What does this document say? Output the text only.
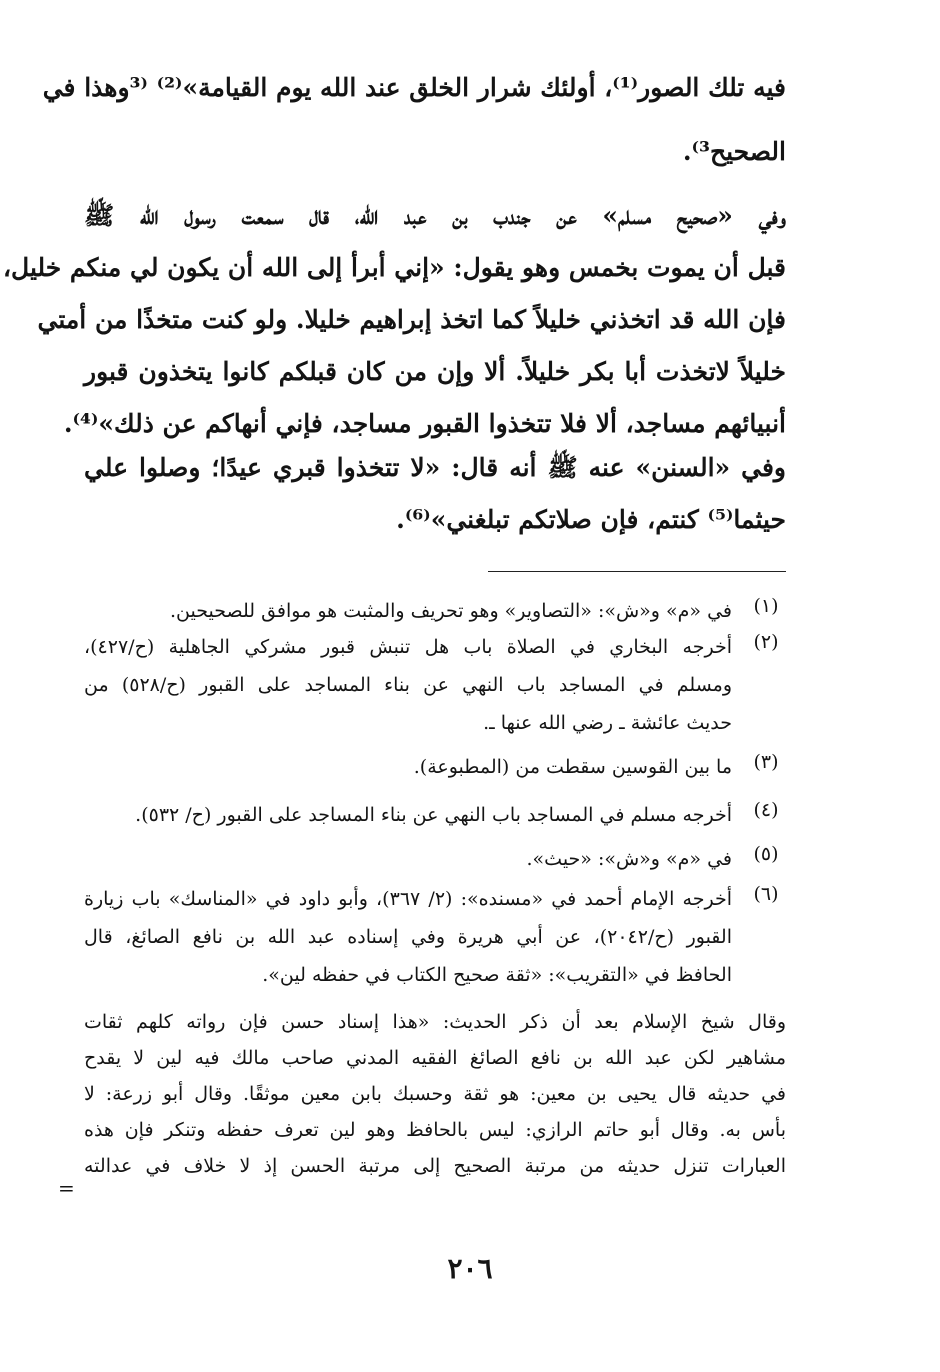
فيه تلك الصور⁽¹⁾، أولئك شرار الخلق عند الله يوم القيامة»⁽²⁾ ⁽³وهذا في
الصحيح³⁾.
وفي «صحيح مسلم» عن جندب بن عبد الله، قال سمعت رسول الله ﷺ
قبل أن يموت بخمس وهو يقول: «إني أبرأ إلى الله أن يكون لي منكم خليل،
فإن الله قد اتخذني خليلاً كما اتخذ إبراهيم خليلا. ولو كنت متخذًا من أمتي
خليلاً لاتخذت أبا بكر خليلاً. ألا وإن من كان قبلكم كانوا يتخذون قبور
أنبيائهم مساجد، ألا فلا تتخذوا القبور مساجد، فإني أنهاكم عن ذلك»⁽⁴⁾.
وفي «السنن» عنه ﷺ أنه قال: «لا تتخذوا قبري عيدًا؛ وصلوا علي
حيثما⁽⁵⁾ كنتم، فإن صلاتكم تبلغني»⁽⁶⁾.
(١)
في «م» و«ش»: «التصاوير» وهو تحريف والمثبت هو موافق للصحيحين.
(٢)
أخرجه البخاري في الصلاة باب هل تنبش قبور مشركي الجاهلية (ح/٤٢٧)،
ومسلم في المساجد باب النهي عن بناء المساجد على القبور (ح/٥٢٨) من
حديث عائشة ـ رضي الله عنها ـ.
(٣)
ما بين القوسين سقطت من (المطبوعة).
(٤)
أخرجه مسلم في المساجد باب النهي عن بناء المساجد على القبور (ح/ ٥٣٢).
(٥)
في «م» و«ش»: «حيث».
(٦)
أخرجه الإمام أحمد في «مسنده»: (٢/ ٣٦٧)، وأبو داود في «المناسك» باب زيارة
القبور (ح/٢٠٤٢)، عن أبي هريرة وفي إسناده عبد الله بن نافع الصائغ، قال
الحافظ في «التقريب»: «ثقة صحيح الكتاب في حفظه لين».
وقال شيخ الإسلام بعد أن ذكر الحديث: «هذا إسناد حسن فإن رواته كلهم ثقات
مشاهير لكن عبد الله بن نافع الصائغ الفقيه المدني صاحب مالك فيه لين لا يقدح
في حديثه قال يحيى بن معين: هو ثقة وحسبك بابن معين موثقًا. وقال أبو زرعة: لا
بأس به. وقال أبو حاتم الرازي: ليس بالحافظ وهو لين تعرف حفظه وتنكر فإن هذه
العبارات تنزل حديثه من مرتبة الصحيح إلى مرتبة الحسن إذ لا خلاف في عدالته
=
٢٠٦
